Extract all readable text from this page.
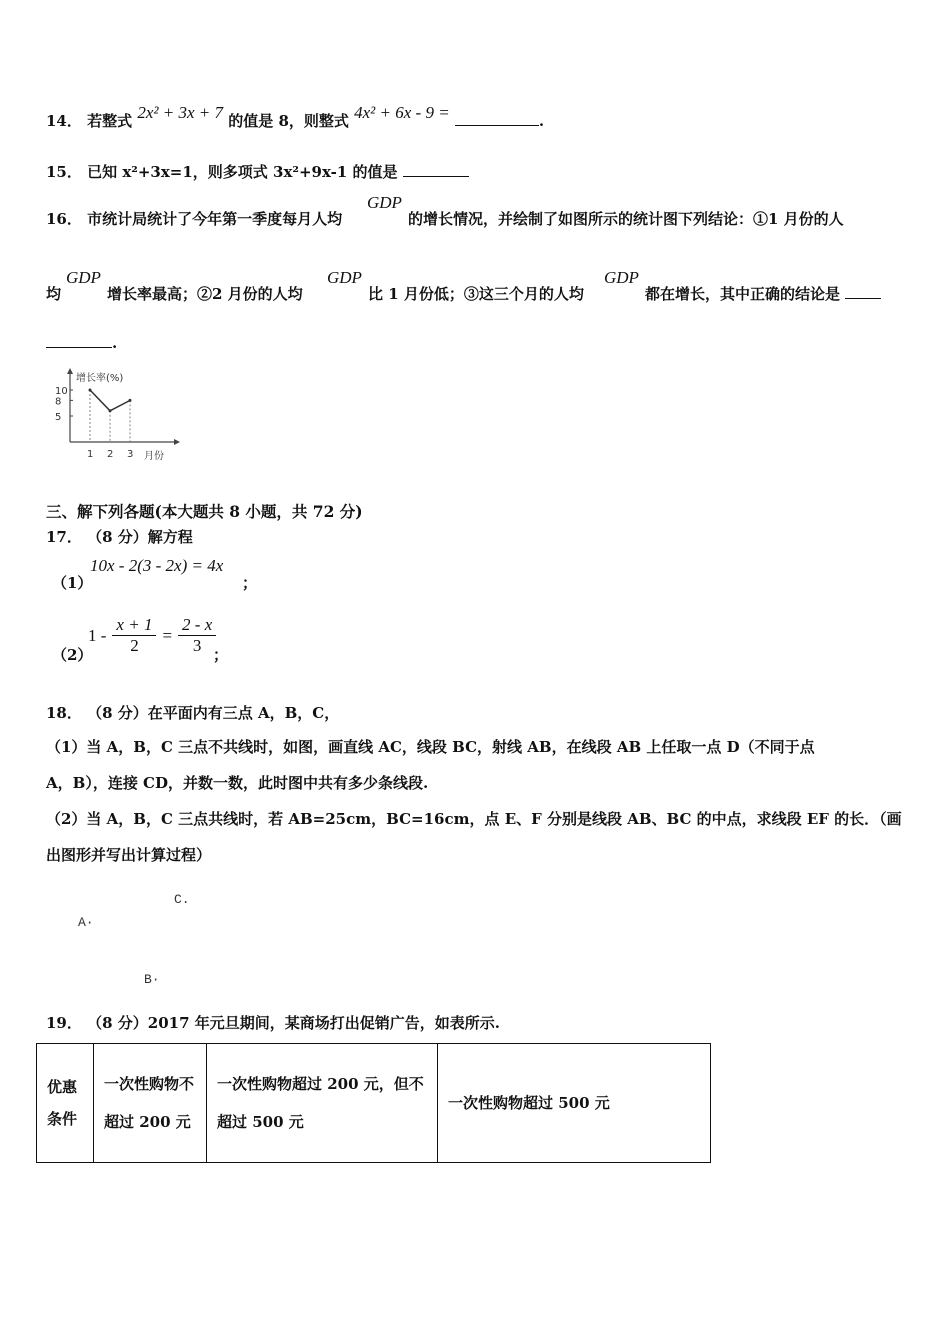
14． 若整式 2x² + 3x + 7 的值是 8，则整式 4x² + 6x - 9 =	.
15． 已知 x²+3x=1，则多项式 3x²+9x-1 的值是
16． 市统计局统计了今年第一季度每月人均
GDP
的增长情况，并绘制了如图所示的统计图下列结论：①1 月份的人
均
GDP
增长率最高；②2 月份的人均
GDP
比 1 月份低；③这三个月的人均
GDP
都在增长，其中正确的结论是
.
增长率(%)
月份
10
8
5
1 2 3
三、解下列各题(本大题共 8 小题，共 72 分)
17． （8 分）解方程
（1）
10x - 2(3 - 2x) = 4x
；
（2）
$1 - \frac{x + 1}{2} = \frac{2 - x}{3}$
；
18． （8 分）在平面内有三点 A，B，C，
（1）当 A，B，C 三点不共线时，如图，画直线 AC，线段 BC，射线 AB，在线段 AB 上任取一点 D（不同于点
A，B），连接 CD，并数一数，此时图中共有多少条线段.
（2）当 A，B，C 三点共线时，若 AB=25cm，BC=16cm，点 E、F 分别是线段 AB、BC 的中点，求线段 EF 的长．（画
出图形并写出计算过程）
A·
C.
B·
19． （8 分）2017 年元旦期间，某商场打出促销广告，如表所示.
优惠条件	一次性购物不超过 200 元	一次性购物超过 200 元，但不超过 500 元	一次性购物超过 500 元
